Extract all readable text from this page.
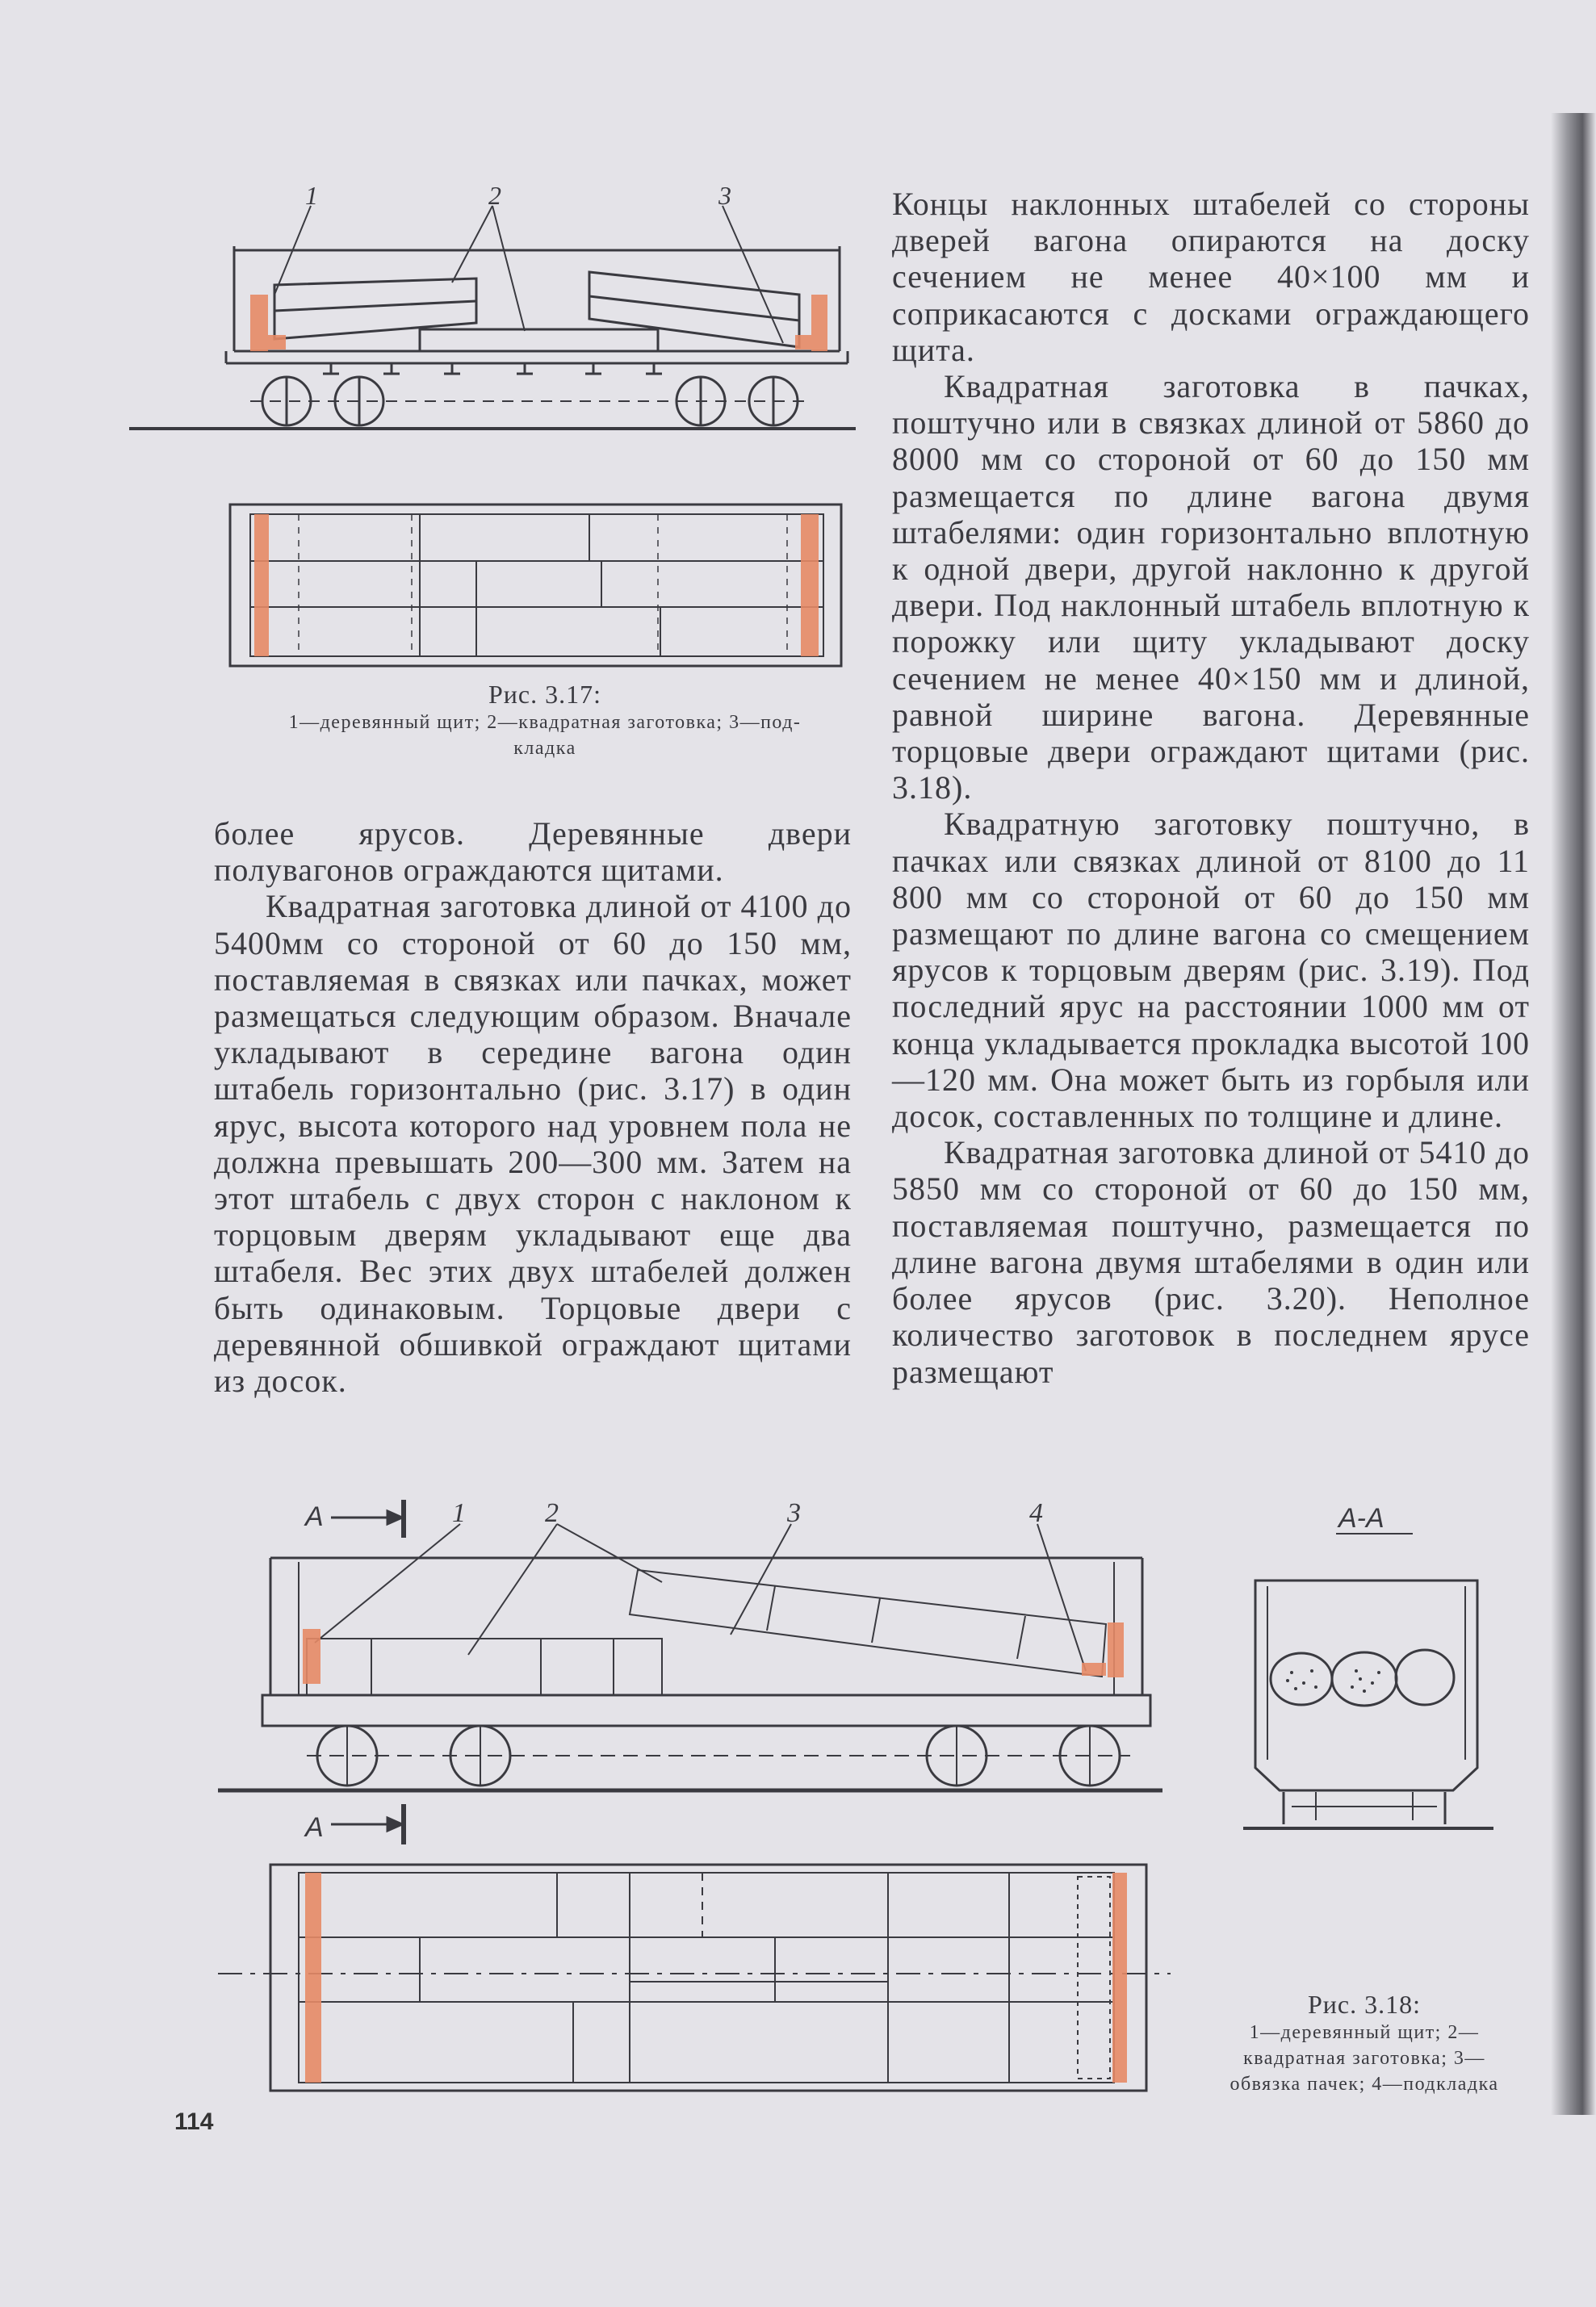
1	2	3
Рис. 3.17:
1—деревянный щит; 2—квадратная заготовка; 3—под-
кладка

более ярусов. Деревянные двери полувагонов ограждаются щитами.

Квадратная заготовка длиной от 4100 до 5400мм со стороной от 60 до 150 мм, поставляемая в связках или пачках, может размещаться следующим образом. Вначале укладывают в середине вагона один штабель горизонтально (рис. 3.17) в один ярус, высота которого над уровнем пола не должна превышать 200—300 мм. Затем на этот штабель с двух сторон с наклоном к торцовым дверям укладывают еще два штабеля. Вес этих двух штабелей должен быть одинаковым. Торцовые двери с деревянной обшивкой ограждают щитами из досок.

Концы наклонных штабелей со стороны дверей вагона опираются на доску сечением не менее 40×100 мм и соприкасаются с досками ограждающего щита.

Квадратная заготовка в пачках, поштучно или в связках длиной от 5860 до 8000 мм со стороной от 60 до 150 мм размещается по длине вагона двумя штабелями: один горизонтально вплотную к одной двери, другой наклонно к другой двери. Под наклонный штабель вплотную к порожку или щиту укладывают доску сечением не менее 40×150 мм и длиной, равной ширине вагона. Деревянные торцовые двери ограждают щитами (рис. 3.18).

Квадратную заготовку поштучно, в пачках или связках длиной от 8100 до 11 800 мм со стороной от 60 до 150 мм размещают по длине вагона со смещением ярусов к торцовым дверям (рис. 3.19). Под последний ярус на расстоянии 1000 мм от конца укладывается прокладка высотой 100—120 мм. Она может быть из горбыля или досок, составленных по толщине и длине.

Квадратная заготовка длиной от 5410 до 5850 мм со стороной от 60 до 150 мм, поставляемая поштучно, размещается по длине вагона двумя штабелями в один или более ярусов (рис. 3.20). Неполное количество заготовок в последнем ярусе размещают

A
A
1	2	3	4	А-А
Рис. 3.18:
1—деревянный щит; 2—
квадратная заготовка; 3—
обвязка пачек; 4—подкладка
114
